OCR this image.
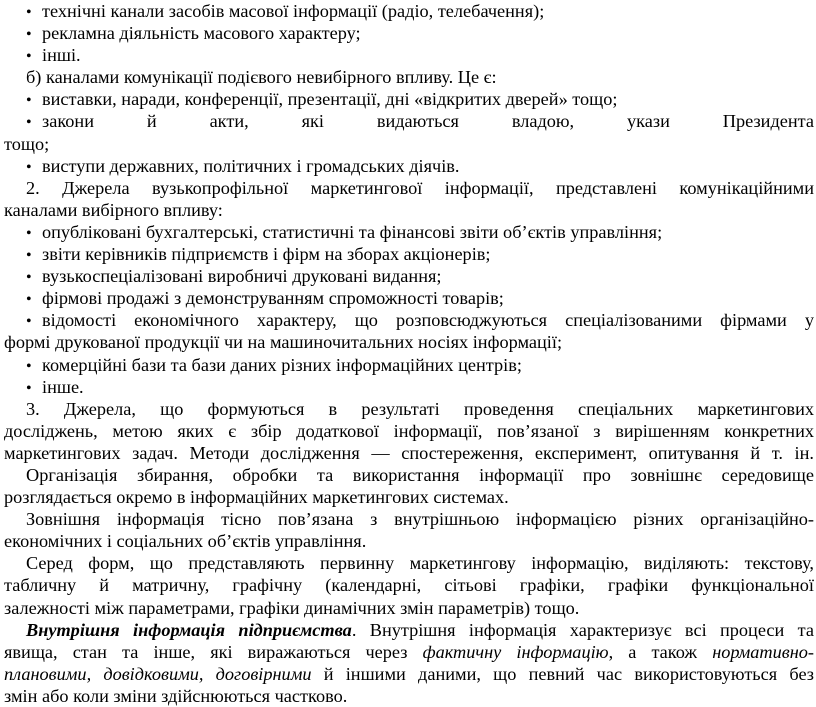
• технічні канали засобів масової інформації (радіо, телебачення);
• рекламна діяльність масового характеру;
• інші.
б) каналами комунікації подієвого невибірного впливу. Це є:
• виставки, наради, конференції, презентації, дні «відкритих дверей» тощо;
• закони й акти, які видаються владою, укази Президента
тощо;
• виступи державних, політичних і громадських діячів.
2. Джерела вузькопрофільної маркетингової інформації, представлені комунікаційними
каналами вибірного впливу:
• опубліковані бухгалтерські, статистичні та фінансові звіти об’єктів управління;
• звіти керівників підприємств і фірм на зборах акціонерів;
• вузькоспеціалізовані виробничі друковані видання;
• фірмові продажі з демонструванням спроможності товарів;
• відомості економічного характеру, що розповсюджуються спеціалізованими фірмами у
формі друкованої продукції чи на машиночитальних носіях інформації;
• комерційні бази та бази даних різних інформаційних центрів;
• інше.
3. Джерела, що формуються в результаті проведення спеціальних маркетингових
досліджень, метою яких є збір додаткової інформації, пов’язаної з вирішенням конкретних
маркетингових задач. Методи дослідження — спостереження, експеримент, опитування й т. ін.
Організація збирання, обробки та використання інформації про зовнішнє середовище
розглядається окремо в інформаційних маркетингових системах.
Зовнішня інформація тісно пов’язана з внутрішньою інформацією різних організаційно-
економічних і соціальних об’єктів управління.
Серед форм, що представляють первинну маркетингову інформацію, виділяють: текстову,
табличну й матричну, графічну (календарні, сітьові графіки, графіки функціональної
залежності між параметрами, графіки динамічних змін параметрів) тощо.
Внутрішня інформація підприємства. Внутрішня інформація характеризує всі процеси та
явища, стан та інше, які виражаються через фактичну інформацію, а також нормативно-
плановими, довідковими, договірними й іншими даними, що певний час використовуються без
змін або коли зміни здійснюються частково.
